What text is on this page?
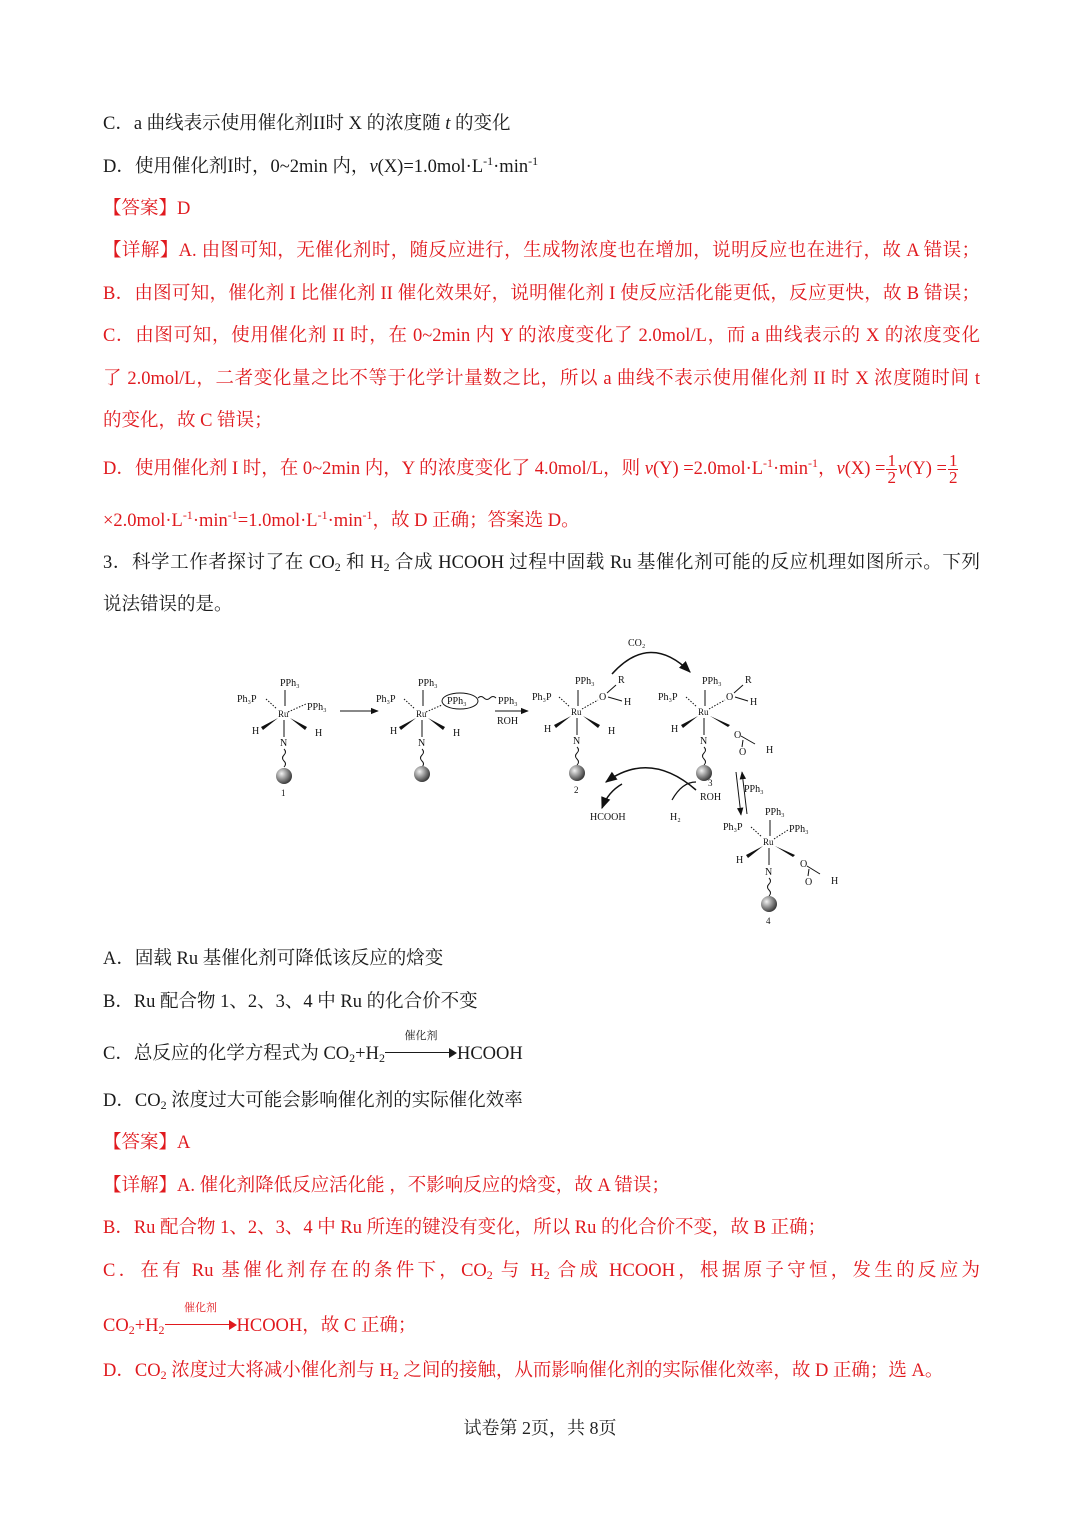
C．a 曲线表示使用催化剂II时 X 的浓度随 t 的变化
D．使用催化剂I时，0~2min 内，$v(X)=1.0mol\cdot L^{-1}\cdot\min^{-1}$
【答案】D
【详解】A. 由图可知，无催化剂时，随反应进行，生成物浓度也在增加，说明反应也在进行，故 A 错误；
B．由图可知，催化剂 I 比催化剂 II 催化效果好，说明催化剂 I 使反应活化能更低，反应更快，故 B 错误；
C．由图可知，使用催化剂 II 时，在 0~2min 内 Y 的浓度变化了 2.0mol/L，而 a 曲线表示的 X 的浓度变化
了 2.0mol/L，二者变化量之比不等于化学计量数之比，所以 a 曲线不表示使用催化剂 II 时 X 浓度随时间 t
的变化，故 C 错误；
D．使用催化剂 I 时，在 0~2min 内，Y 的浓度变化了 4.0mol/L，则 $v(Y) =2.0mol\cdot L^{-1}\cdot\min^{-1}$，$v(X) = \frac{1}{2} v(Y) = \frac{1}{2}$
$\times 2.0mol\cdot L^{-1}\cdot\min^{-1}=1.0mol\cdot L^{-1}\cdot\min^{-1}$，故 D 正确；答案选 D。
3．科学工作者探讨了在 $CO_2$ 和 $H_2$ 合成 HCOOH 过程中固载 Ru 基催化剂可能的反应机理如图所示。下列
说法错误的是。
PPh₃
Ph₃P
PPh₃
Ru
H	H
N
1
PPh₃
Ph₃P	PPh₃
Ru
H	H
N
PPh₃
ROH
PPh₃
Ph₃P
Ru
O
R
H
H	H
N
2
CO₂
PPh₃
Ph₃P
Ru
O
R
H
H
O
O H
N
3
HCOOH	H₂
ROH
PPh₃
PPh₃
Ph₃P	PPh₃
Ru
H	O
O H
N
4
A．固载 Ru 基催化剂可降低该反应的焓变
B．Ru 配合物 1、2、3、4 中 Ru 的化合价不变
C．总反应的化学方程式为 $CO_2+H_2$
催化剂
HCOOH
D．$CO_2$ 浓度过大可能会影响催化剂的实际催化效率
【答案】A
【详解】A. 催化剂降低反应活化能 ，不影响反应的焓变，故 A 错误；
B．Ru 配合物 1、2、3、4 中 Ru 所连的键没有变化，所以 Ru 的化合价不变，故 B 正确；
C．在有 Ru 基催化剂存在的条件下，$CO_2$ 与 $H_2$ 合成 HCOOH，根据原子守恒，发生的反应为
$CO_2+H_2$
催化剂
HCOOH，故 C 正确；
D．$CO_2$ 浓度过大将减小催化剂与 $H_2$ 之间的接触，从而影响催化剂的实际催化效率，故 D 正确；选 A。
试卷第 2页，共 8页
